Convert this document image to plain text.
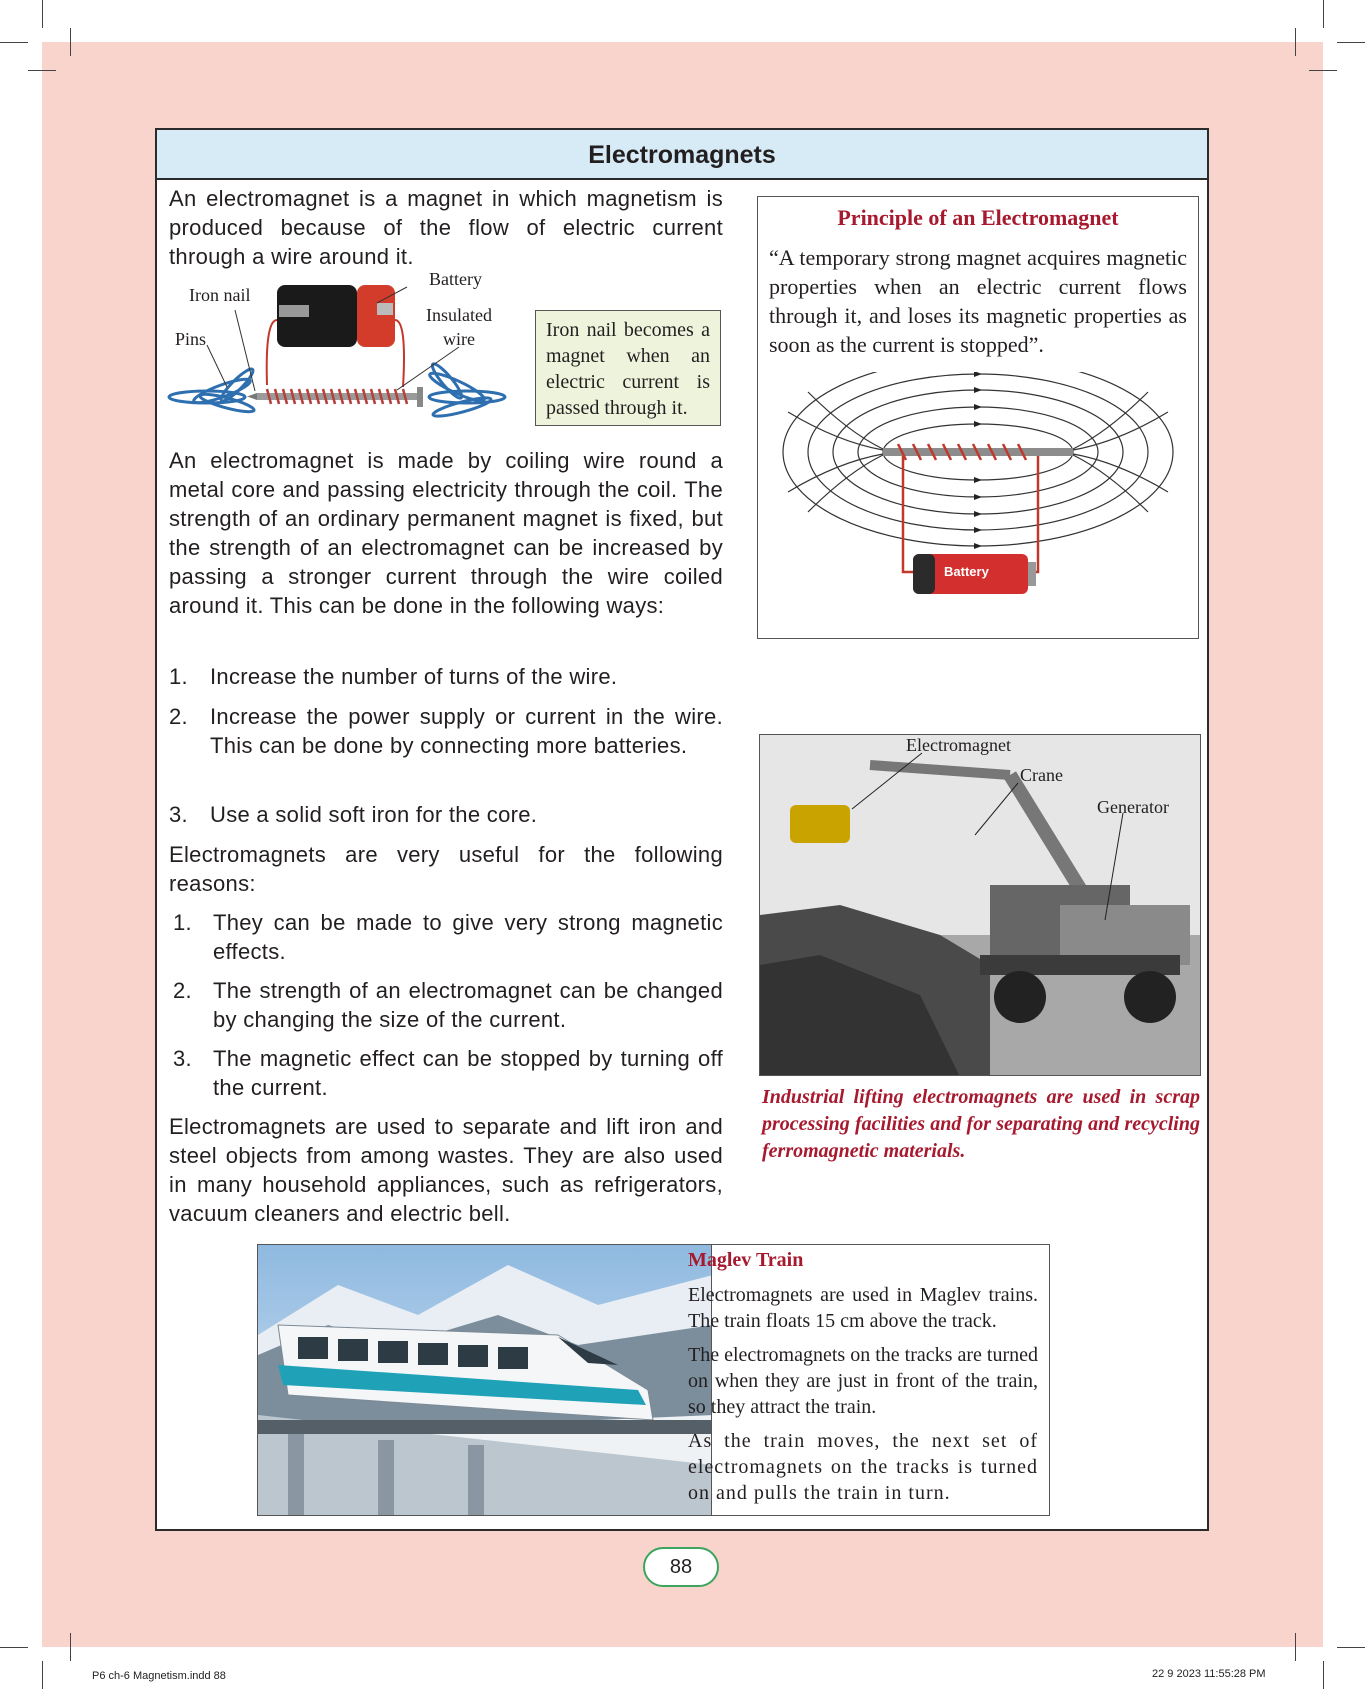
Electromagnets
An electromagnet is a magnet in which magnetism is produced because of the flow of electric current through a wire around it.
Battery
Iron nail
Insulated wire
Pins	Iron nail becomes a magnet when an electric current is passed through it.
An electromagnet is made by coiling wire round a metal core and passing electricity through the coil. The strength of an ordinary permanent magnet is fixed, but the strength of an electromagnet can be increased by passing a stronger current through the wire coiled around it. This can be done in the following ways:
1. Increase the number of turns of the wire.
2. Increase the power supply or current in the wire. This can be done by connecting more batteries.
3. Use a solid soft iron for the core.
Electromagnets are very useful for the following reasons:
1. They can be made to give very strong magnetic effects.
2. The strength of an electromagnet can be changed by changing the size of the current.
3. The magnetic effect can be stopped by turning off the current.
Electromagnets are used to separate and lift iron and steel objects from among wastes. They are also used in many household appliances, such as refrigerators, vacuum cleaners and electric bell.
Principle of an Electromagnet
“A temporary strong magnet acquires magnetic properties when an electric current flows through it, and loses its magnetic properties as soon as the current is stopped”.
Battery
Electromagnet
Crane
Generator
Industrial lifting electromagnets are used in scrap processing facilities and for separating and recycling ferromagnetic materials.
Maglev Train
Electromagnets are used in Maglev trains. The train floats 15 cm above the track.
The electromagnets on the tracks are turned on when they are just in front of the train, so they attract the train.
As the train moves, the next set of electromagnets on the tracks is turned on and pulls the train in turn.
88
P6 ch-6 Magnetism.indd 88	22 9 2023 11:55:28 PM
